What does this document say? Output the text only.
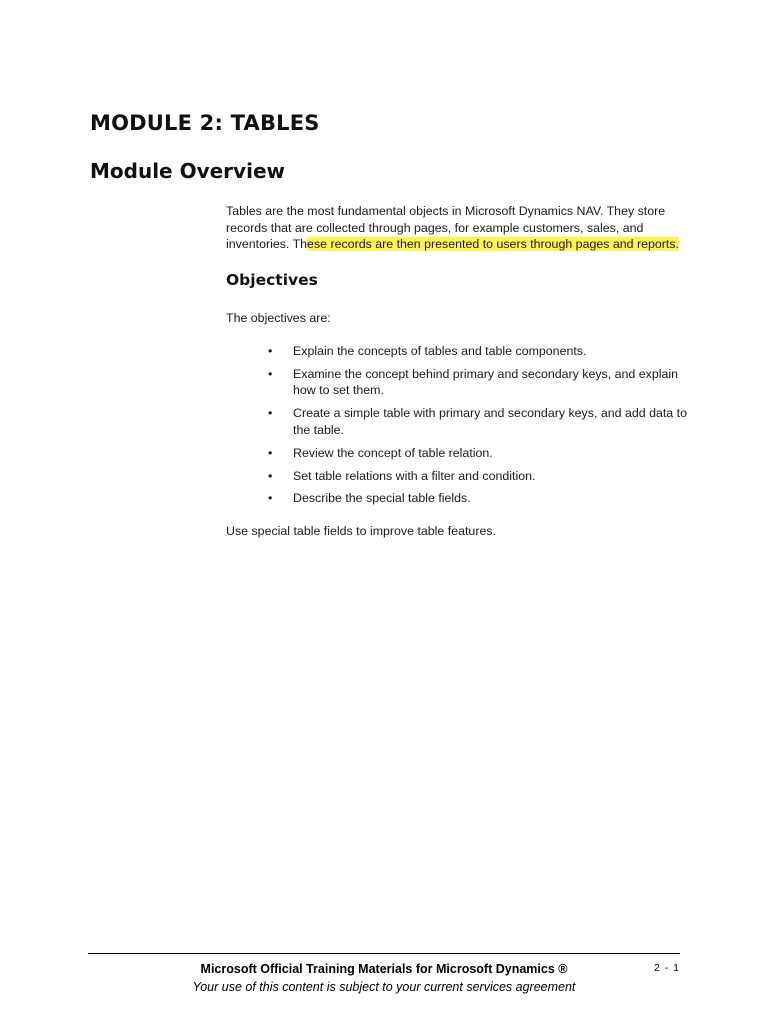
MODULE 2: TABLES
Module Overview

Tables are the most fundamental objects in Microsoft Dynamics NAV. They store records that are collected through pages, for example customers, sales, and inventories. These records are then presented to users through pages and reports.

Objectives
The objectives are:
• Explain the concepts of tables and table components.
• Examine the concept behind primary and secondary keys, and explain how to set them.
• Create a simple table with primary and secondary keys, and add data to the table.
• Review the concept of table relation.
• Set table relations with a filter and condition.
• Describe the special table fields.
Use special table fields to improve table features.
Microsoft Official Training Materials for Microsoft Dynamics ®
Your use of this content is subject to your current services agreement
2 - 1
